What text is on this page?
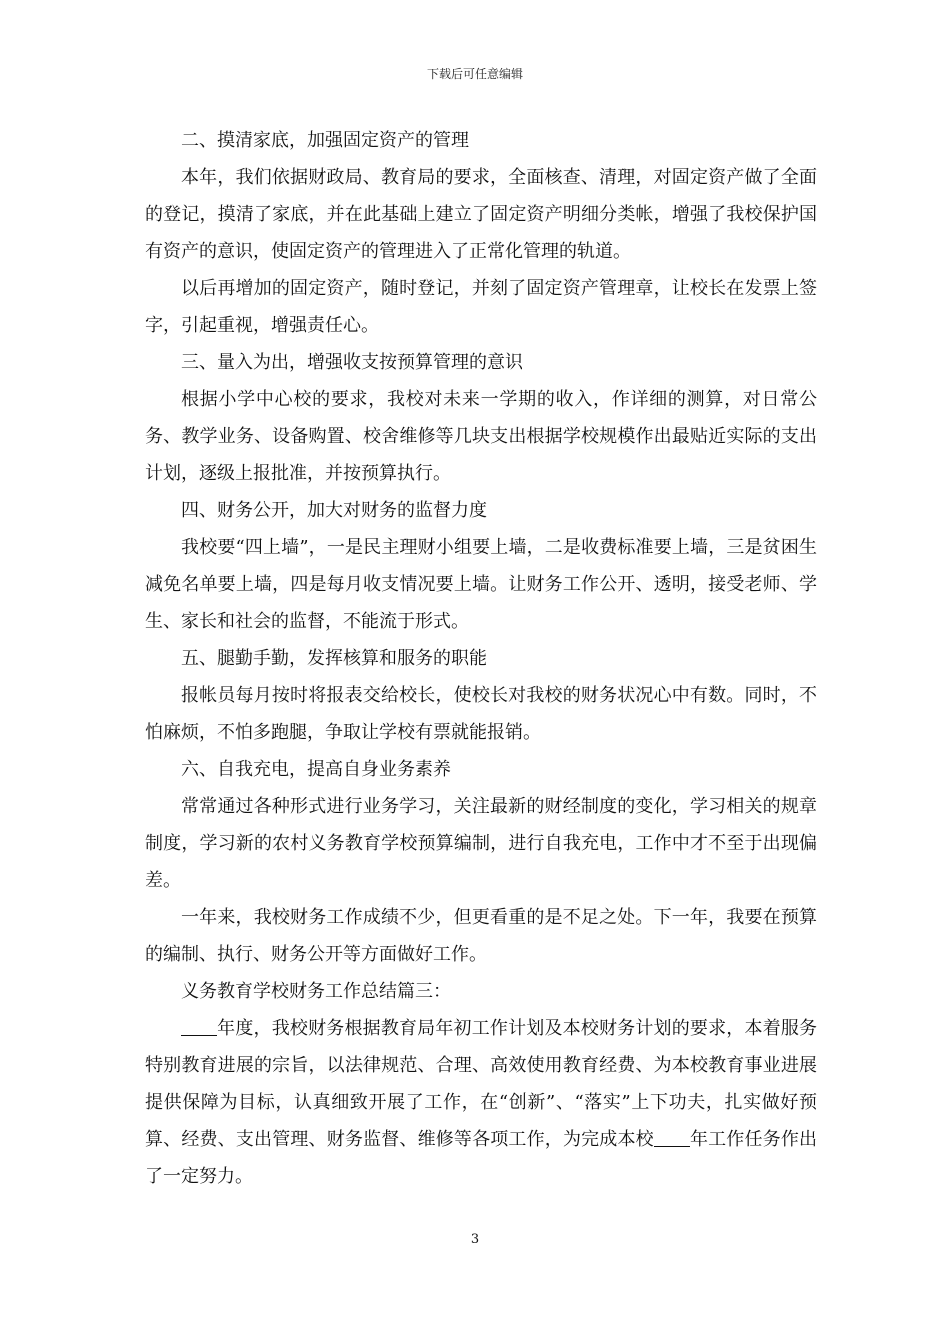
下载后可任意编辑

二、摸清家底，加强固定资产的管理

本年，我们依据财政局、教育局的要求，全面核查、清理，对固定资产做了全面的登记，摸清了家底，并在此基础上建立了固定资产明细分类帐，增强了我校保护国有资产的意识，使固定资产的管理进入了正常化管理的轨道。

以后再增加的固定资产，随时登记，并刻了固定资产管理章，让校长在发票上签字，引起重视，增强责任心。

三、量入为出，增强收支按预算管理的意识

根据小学中心校的要求，我校对未来一学期的收入，作详细的测算，对日常公务、教学业务、设备购置、校舍维修等几块支出根据学校规模作出最贴近实际的支出计划，逐级上报批准，并按预算执行。

四、财务公开，加大对财务的监督力度

我校要“四上墙”，一是民主理财小组要上墙，二是收费标准要上墙，三是贫困生减免名单要上墙，四是每月收支情况要上墙。让财务工作公开、透明，接受老师、学生、家长和社会的监督，不能流于形式。

五、腿勤手勤，发挥核算和服务的职能

报帐员每月按时将报表交给校长，使校长对我校的财务状况心中有数。同时，不怕麻烦，不怕多跑腿，争取让学校有票就能报销。

六、自我充电，提高自身业务素养

常常通过各种形式进行业务学习，关注最新的财经制度的变化，学习相关的规章制度，学习新的农村义务教育学校预算编制，进行自我充电，工作中才不至于出现偏差。

一年来，我校财务工作成绩不少，但更看重的是不足之处。下一年，我要在预算的编制、执行、财务公开等方面做好工作。

义务教育学校财务工作总结篇三：

年度，我校财务根据教育局年初工作计划及本校财务计划的要求，本着服务特别教育进展的宗旨，以法律规范、合理、高效使用教育经费、为本校教育事业进展提供保障为目标，认真细致开展了工作，在“创新”、“落实”上下功夫，扎实做好预算、经费、支出管理、财务监督、维修等各项工作，为完成本校 年工作任务作出了一定努力。

3
